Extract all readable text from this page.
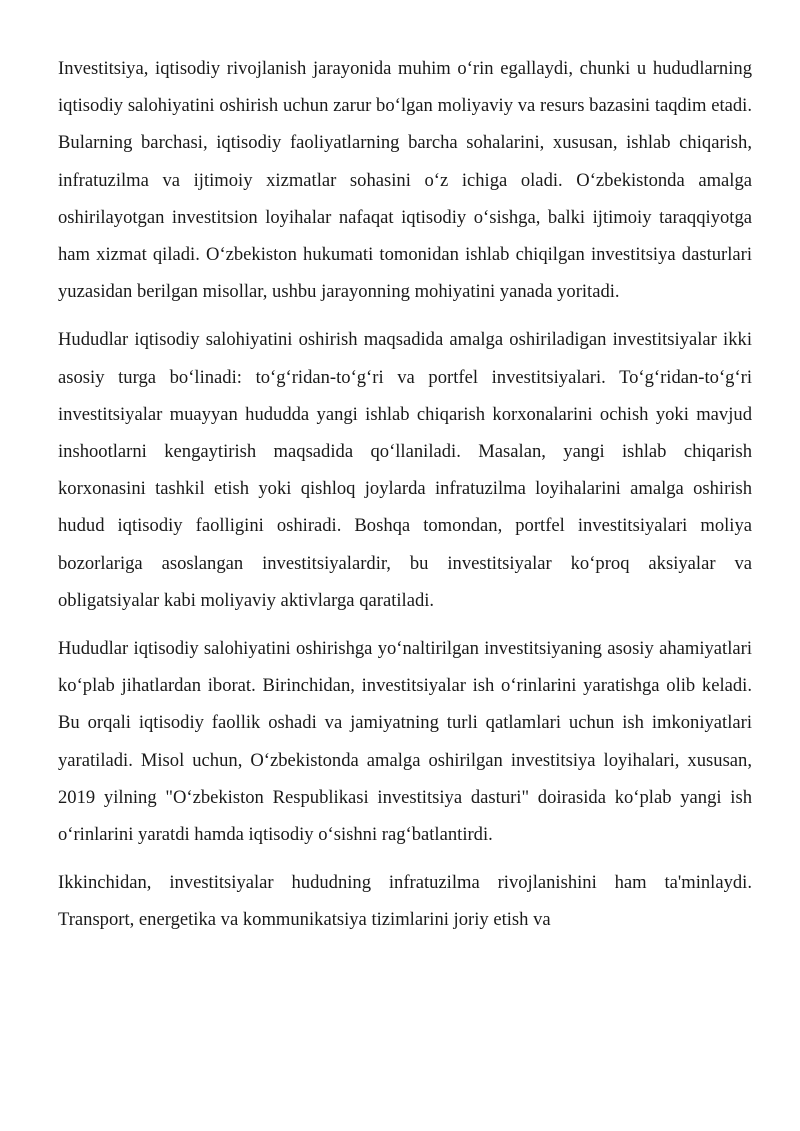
Investitsiya, iqtisodiy rivojlanish jarayonida muhim o‘rin egallaydi, chunki u hududlarning iqtisodiy salohiyatini oshirish uchun zarur bo‘lgan moliyaviy va resurs bazasini taqdim etadi. Bularning barchasi, iqtisodiy faoliyatlarning barcha sohalarini, xususan, ishlab chiqarish, infratuzilma va ijtimoiy xizmatlar sohasini o‘z ichiga oladi. O‘zbekistonda amalga oshirilayotgan investitsion loyihalar nafaqat iqtisodiy o‘sishga, balki ijtimoiy taraqqiyotga ham xizmat qiladi. O‘zbekiston hukumati tomonidan ishlab chiqilgan investitsiya dasturlari yuzasidan berilgan misollar, ushbu jarayonning mohiyatini yanada yoritadi.

Hududlar iqtisodiy salohiyatini oshirish maqsadida amalga oshiriladigan investitsiyalar ikki asosiy turga bo‘linadi: to‘g‘ridan-to‘g‘ri va portfel investitsiyalari. To‘g‘ridan-to‘g‘ri investitsiyalar muayyan hududda yangi ishlab chiqarish korxonalarini ochish yoki mavjud inshootlarni kengaytirish maqsadida qo‘llaniladi. Masalan, yangi ishlab chiqarish korxonasini tashkil etish yoki qishloq joylarda infratuzilma loyihalarini amalga oshirish hudud iqtisodiy faolligini oshiradi. Boshqa tomondan, portfel investitsiyalari moliya bozorlariga asoslangan investitsiyalardir, bu investitsiyalar ko‘proq aksiyalar va obligatsiyalar kabi moliyaviy aktivlarga qaratiladi.

Hududlar iqtisodiy salohiyatini oshirishga yo‘naltirilgan investitsiyaning asosiy ahamiyatlari ko‘plab jihatlardan iborat. Birinchidan, investitsiyalar ish o‘rinlarini yaratishga olib keladi. Bu orqali iqtisodiy faollik oshadi va jamiyatning turli qatlamlari uchun ish imkoniyatlari yaratiladi. Misol uchun, O‘zbekistonda amalga oshirilgan investitsiya loyihalari, xususan, 2019 yilning "O‘zbekiston Respublikasi investitsiya dasturi" doirasida ko‘plab yangi ish o‘rinlarini yaratdi hamda iqtisodiy o‘sishni rag‘batlantirdi.

Ikkinchidan, investitsiyalar hududning infratuzilma rivojlanishini ham ta'minlaydi. Transport, energetika va kommunikatsiya tizimlarini joriy etish va
